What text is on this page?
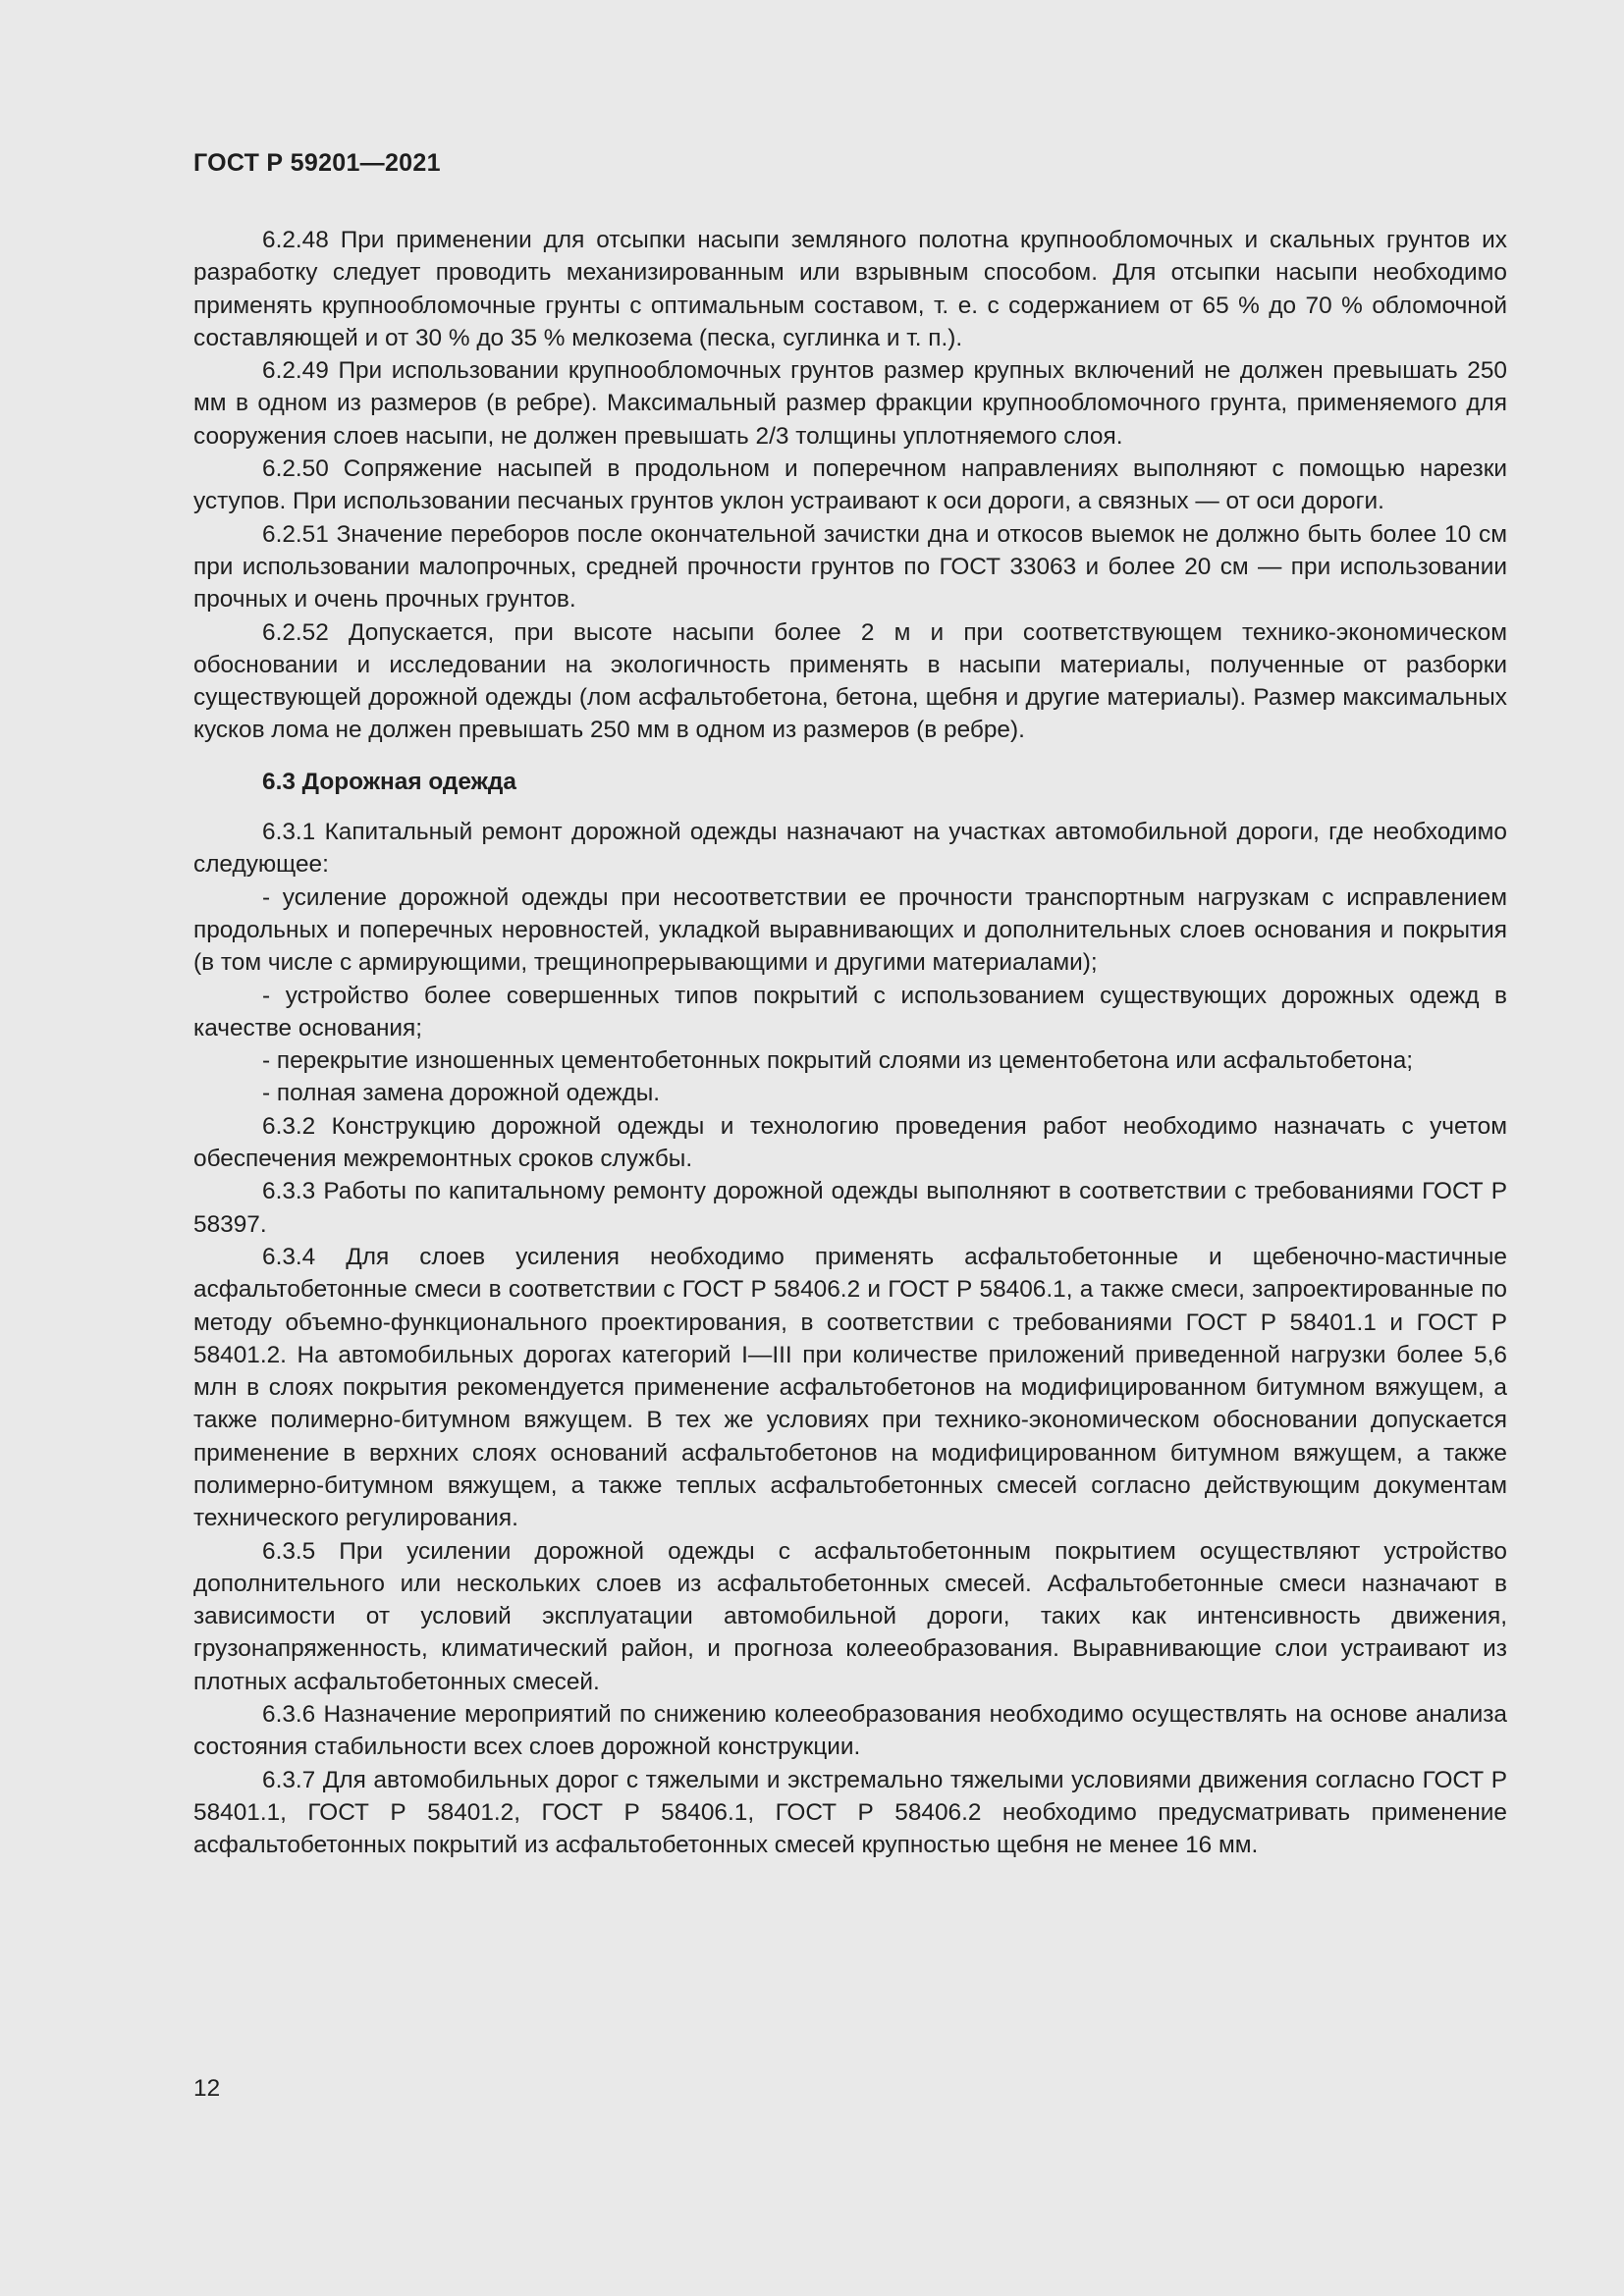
ГОСТ Р 59201—2021

6.2.48 При применении для отсыпки насыпи земляного полотна крупнообломочных и скальных грунтов их разработку следует проводить механизированным или взрывным способом. Для отсыпки насыпи необходимо применять крупнообломочные грунты с оптимальным составом, т. е. с содержанием от 65 % до 70 % обломочной составляющей и от 30 % до 35 % мелкозема (песка, суглинка и т. п.).

6.2.49 При использовании крупнообломочных грунтов размер крупных включений не должен превышать 250 мм в одном из размеров (в ребре). Максимальный размер фракции крупнообломочного грунта, применяемого для сооружения слоев насыпи, не должен превышать 2/3 толщины уплотняемого слоя.

6.2.50 Сопряжение насыпей в продольном и поперечном направлениях выполняют с помощью нарезки уступов. При использовании песчаных грунтов уклон устраивают к оси дороги, а связных — от оси дороги.

6.2.51 Значение переборов после окончательной зачистки дна и откосов выемок не должно быть более 10 см при использовании малопрочных, средней прочности грунтов по ГОСТ 33063 и более 20 см — при использовании прочных и очень прочных грунтов.

6.2.52 Допускается, при высоте насыпи более 2 м и при соответствующем технико-экономическом обосновании и исследовании на экологичность применять в насыпи материалы, полученные от разборки существующей дорожной одежды (лом асфальтобетона, бетона, щебня и другие материалы). Размер максимальных кусков лома не должен превышать 250 мм в одном из размеров (в ребре).

6.3 Дорожная одежда

6.3.1 Капитальный ремонт дорожной одежды назначают на участках автомобильной дороги, где необходимо следующее:

- усиление дорожной одежды при несоответствии ее прочности транспортным нагрузкам с исправлением продольных и поперечных неровностей, укладкой выравнивающих и дополнительных слоев основания и покрытия (в том числе с армирующими, трещинопрерывающими и другими материалами);

- устройство более совершенных типов покрытий с использованием существующих дорожных одежд в качестве основания;

- перекрытие изношенных цементобетонных покрытий слоями из цементобетона или асфальтобетона;

- полная замена дорожной одежды.

6.3.2 Конструкцию дорожной одежды и технологию проведения работ необходимо назначать с учетом обеспечения межремонтных сроков службы.

6.3.3 Работы по капитальному ремонту дорожной одежды выполняют в соответствии с требованиями ГОСТ Р 58397.

6.3.4 Для слоев усиления необходимо применять асфальтобетонные и щебеночно-мастичные асфальтобетонные смеси в соответствии с ГОСТ Р 58406.2 и ГОСТ Р 58406.1, а также смеси, запроектированные по методу объемно-функционального проектирования, в соответствии с требованиями ГОСТ Р 58401.1 и ГОСТ Р 58401.2. На автомобильных дорогах категорий I—III при количестве приложений приведенной нагрузки более 5,6 млн в слоях покрытия рекомендуется применение асфальтобетонов на модифицированном битумном вяжущем, а также полимерно-битумном вяжущем. В тех же условиях при технико-экономическом обосновании допускается применение в верхних слоях оснований асфальтобетонов на модифицированном битумном вяжущем, а также полимерно-битумном вяжущем, а также теплых асфальтобетонных смесей согласно действующим документам технического регулирования.

6.3.5 При усилении дорожной одежды с асфальтобетонным покрытием осуществляют устройство дополнительного или нескольких слоев из асфальтобетонных смесей. Асфальтобетонные смеси назначают в зависимости от условий эксплуатации автомобильной дороги, таких как интенсивность движения, грузонапряженность, климатический район, и прогноза колееобразования. Выравнивающие слои устраивают из плотных асфальтобетонных смесей.

6.3.6 Назначение мероприятий по снижению колееобразования необходимо осуществлять на основе анализа состояния стабильности всех слоев дорожной конструкции.

6.3.7 Для автомобильных дорог с тяжелыми и экстремально тяжелыми условиями движения согласно ГОСТ Р 58401.1, ГОСТ Р 58401.2, ГОСТ Р 58406.1, ГОСТ Р 58406.2 необходимо предусматривать применение асфальтобетонных покрытий из асфальтобетонных смесей крупностью щебня не менее 16 мм.

12
